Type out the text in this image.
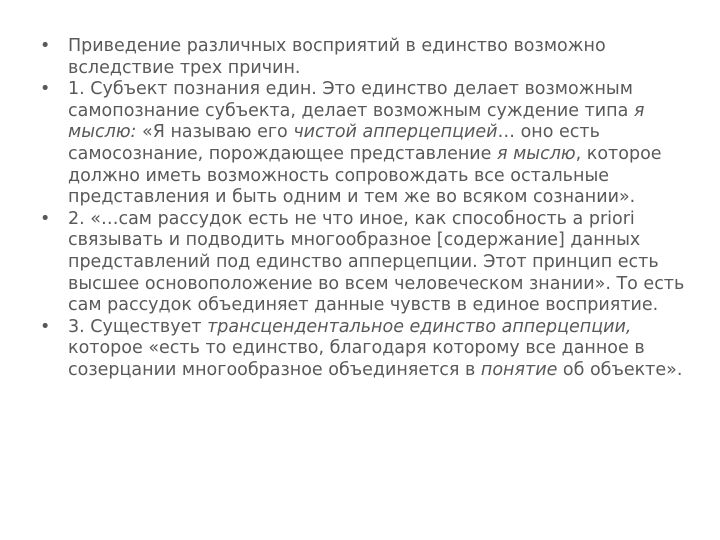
•	Приведение различных восприятий в единство возможно вследствие трех причин.
•	1. Субъект познания един. Это единство делает возможным самопознание субъекта, делает возможным суждение типа я мыслю: «Я называю его чистой апперцепцией… оно есть самосознание, порождающее представление я мыслю, которое должно иметь возможность сопровождать все остальные представления и быть одним и тем же во всяком сознании».
•	2. «…сам рассудок есть не что иное, как способность a priori связывать и подводить многообразное [содержание] данных представлений под единство апперцепции. Этот принцип есть высшее основоположение во всем человеческом знании». То есть сам рассудок объединяет данные чувств в единое восприятие.
•	3. Существует трансцендентальное единство апперцепции, которое «есть то единство, благодаря которому все данное в созерцании многообразное объединяется в понятие об объекте».
